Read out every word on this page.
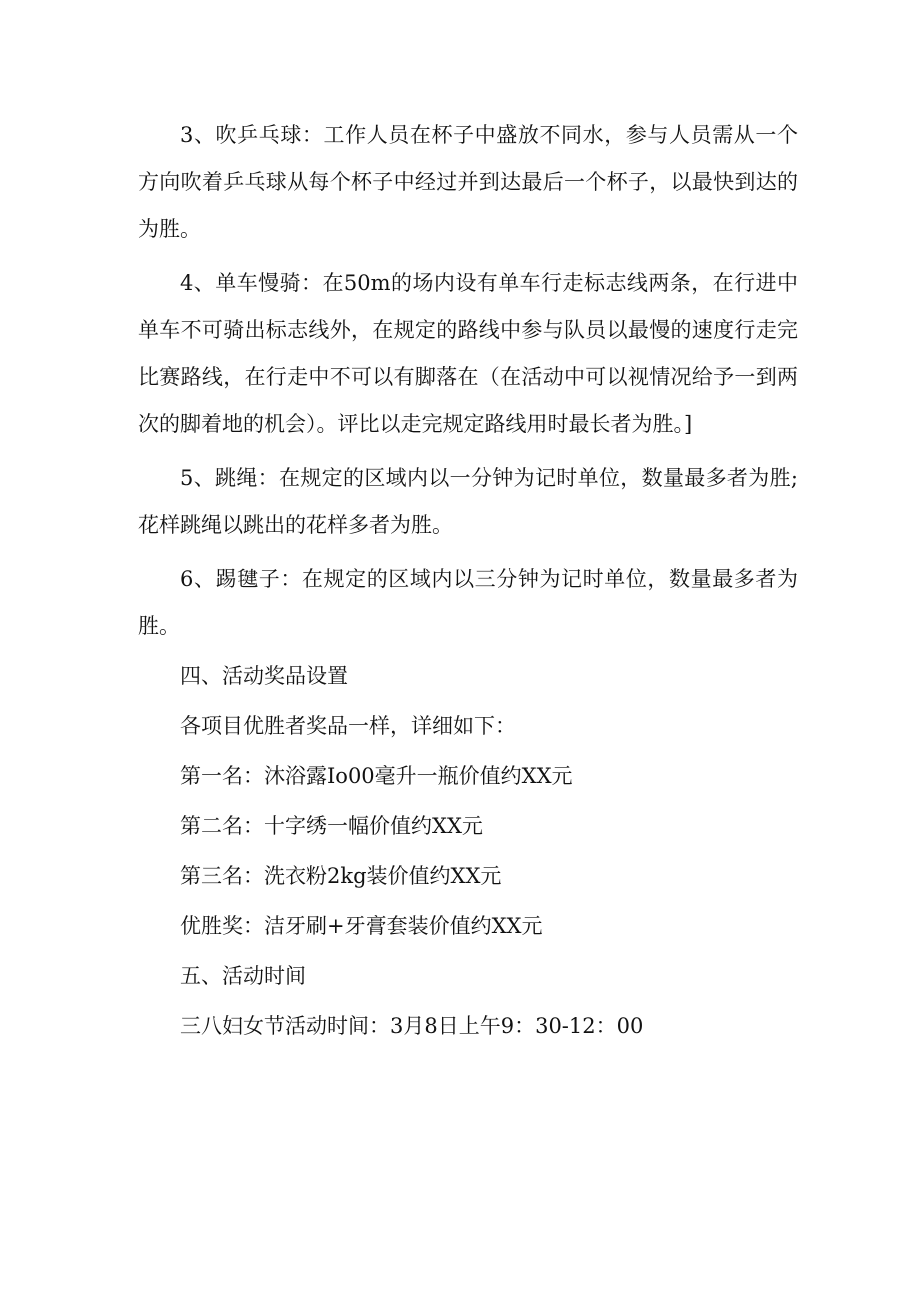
3、吹乒乓球：工作人员在杯子中盛放不同水，参与人员需从一个方向吹着乒乓球从每个杯子中经过并到达最后一个杯子，以最快到达的为胜。

4、单车慢骑：在50m的场内设有单车行走标志线两条，在行进中单车不可骑出标志线外，在规定的路线中参与队员以最慢的速度行走完比赛路线，在行走中不可以有脚落在（在活动中可以视情况给予一到两次的脚着地的机会）。评比以走完规定路线用时最长者为胜。]

5、跳绳：在规定的区域内以一分钟为记时单位，数量最多者为胜;花样跳绳以跳出的花样多者为胜。

6、踢毽子：在规定的区域内以三分钟为记时单位，数量最多者为胜。

四、活动奖品设置

各项目优胜者奖品一样，详细如下：

第一名：沐浴露Io00毫升一瓶价值约XX元

第二名：十字绣一幅价值约XX元

第三名：洗衣粉2kg装价值约XX元

优胜奖：洁牙刷+牙膏套装价值约XX元

五、活动时间

三八妇女节活动时间：3月8日上午9：30-12：00
